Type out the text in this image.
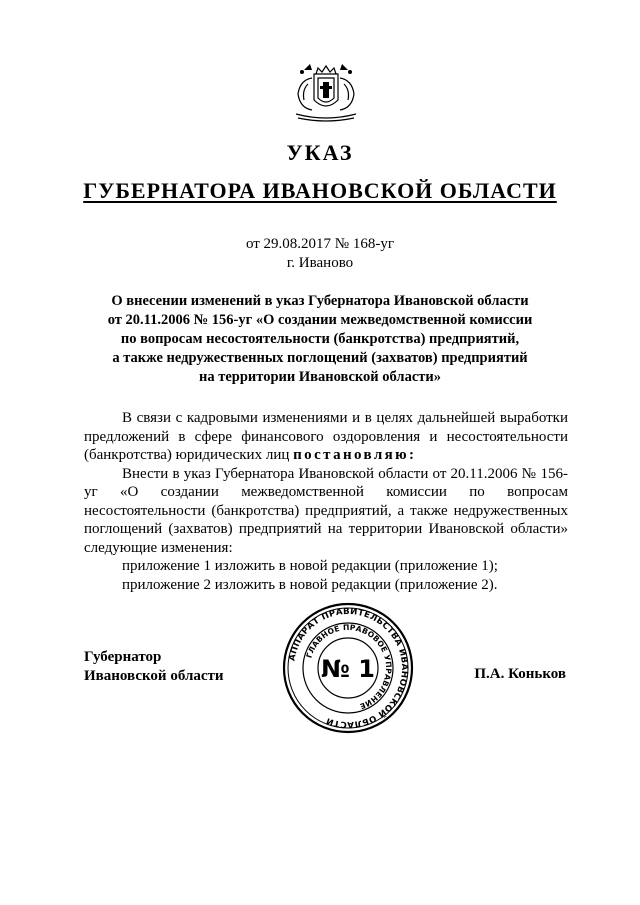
УКАЗ
ГУБЕРНАТОРА ИВАНОВСКОЙ ОБЛАСТИ
от 29.08.2017 № 168-уг
г. Иваново
О внесении изменений в указ Губернатора Ивановской области
от 20.11.2006 № 156-уг «О создании межведомственной комиссии
по вопросам несостоятельности (банкротства) предприятий,
а также недружественных поглощений (захватов) предприятий
на территории Ивановской области»

В связи с кадровыми изменениями и в целях дальнейшей выработки предложений в сфере финансового оздоровления и несостоятельности (банкротства) юридических лиц постановляю:

Внести в указ Губернатора Ивановской области от 20.11.2006 № 156-уг «О создании межведомственной комиссии по вопросам несостоятельности (банкротства) предприятий, а также недружественных поглощений (захватов) предприятий на территории Ивановской области» следующие изменения:

приложение 1 изложить в новой редакции (приложение 1);

приложение 2 изложить в новой редакции (приложение 2).

Губернатор
Ивановской области	П.А. Коньков
АППАРАТ ПРАВИТЕЛЬСТВА ИВАНОВСКОЙ ОБЛАСТИ
ГЛАВНОЕ ПРАВОВОЕ УПРАВЛЕНИЕ
№ 1
